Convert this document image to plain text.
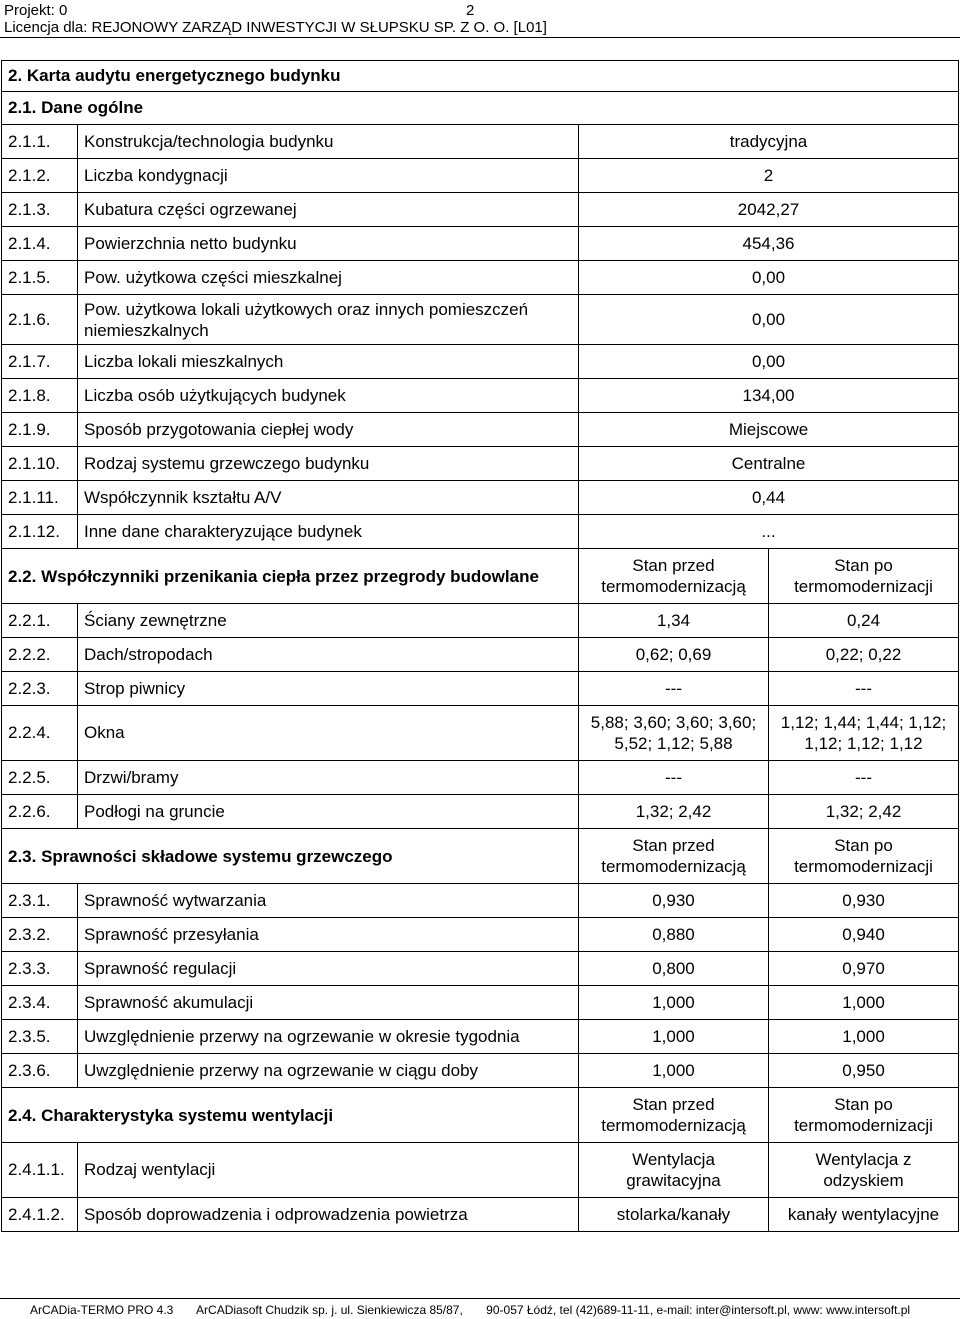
Projekt: 0
Licencja dla: REJONOWY ZARZĄD INWESTYCJI W SŁUPSKU SP. Z O. O. [L01]
2
2. Karta audytu energetycznego budynku			
2.1. Dane ogólne			
2.1.1.	Konstrukcja/technologia budynku	tradycyjna	
2.1.2.	Liczba kondygnacji	2	
2.1.3.	Kubatura części ogrzewanej	2042,27	
2.1.4.	Powierzchnia netto budynku	454,36	
2.1.5.	Pow. użytkowa części mieszkalnej	0,00	
2.1.6.	Pow. użytkowa lokali użytkowych oraz innych pomieszczeń niemieszkalnych	0,00	
2.1.7.	Liczba lokali mieszkalnych	0,00	
2.1.8.	Liczba osób użytkujących budynek	134,00	
2.1.9.	Sposób przygotowania ciepłej wody	Miejscowe	
2.1.10.	Rodzaj systemu grzewczego budynku	Centralne	
2.1.11.	Współczynnik kształtu A/V	0,44	
2.1.12.	Inne dane charakteryzujące budynek	...	
2.2. Współczynniki przenikania ciepła przez przegrody budowlane		Stan przed termomodernizacją	Stan po termomodernizacji
2.2.1.	Ściany zewnętrzne	1,34	0,24
2.2.2.	Dach/stropodach	0,62; 0,69	0,22; 0,22
2.2.3.	Strop piwnicy	---	---
2.2.4.	Okna	5,88; 3,60; 3,60; 3,60; 5,52; 1,12; 5,88	1,12; 1,44; 1,44; 1,12; 1,12; 1,12; 1,12
2.2.5.	Drzwi/bramy	---	---
2.2.6.	Podłogi na gruncie	1,32; 2,42	1,32; 2,42
2.3. Sprawności składowe systemu grzewczego		Stan przed termomodernizacją	Stan po termomodernizacji
2.3.1.	Sprawność wytwarzania	0,930	0,930
2.3.2.	Sprawność przesyłania	0,880	0,940
2.3.3.	Sprawność regulacji	0,800	0,970
2.3.4.	Sprawność akumulacji	1,000	1,000
2.3.5.	Uwzględnienie przerwy na ogrzewanie w okresie tygodnia	1,000	1,000
2.3.6.	Uwzględnienie przerwy na ogrzewanie w ciągu doby	1,000	0,950
2.4. Charakterystyka systemu wentylacji		Stan przed termomodernizacją	Stan po termomodernizacji
2.4.1.1.	Rodzaj wentylacji	Wentylacja grawitacyjna	Wentylacja z odzyskiem
2.4.1.2.	Sposób doprowadzenia i odprowadzenia powietrza	stolarka/kanały	kanały wentylacyjne
ArCADia-TERMO PRO 4.3 ArCADiasoft Chudzik sp. j. ul. Sienkiewicza 85/87, 90-057 Łódź, tel (42)689-11-11, e-mail: inter@intersoft.pl, www: www.intersoft.pl
